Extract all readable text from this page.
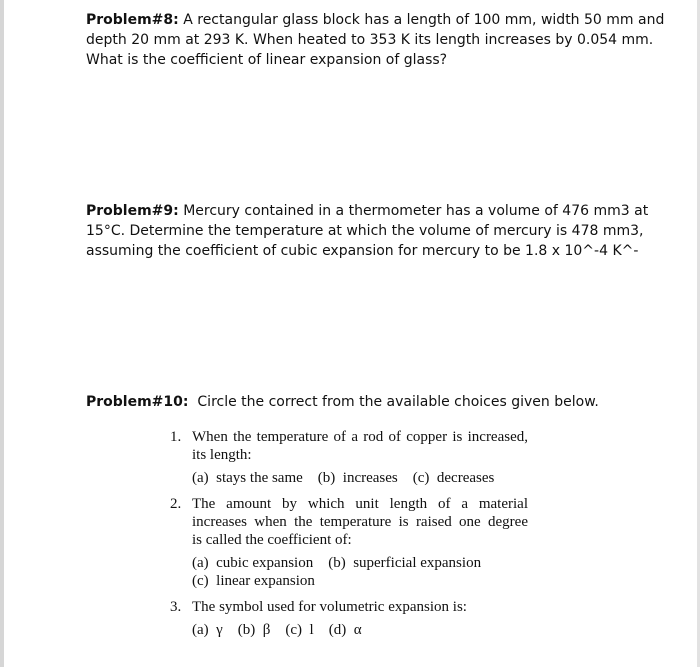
Problem#8: A rectangular glass block has a length of 100 mm, width 50 mm and
depth 20 mm at 293 K. When heated to 353 K its length increases by 0.054 mm.
What is the coefficient of linear expansion of glass?
Problem#9: Mercury contained in a thermometer has a volume of 476 mm3 at
15°C. Determine the temperature at which the volume of mercury is 478 mm3,
assuming the coefficient of cubic expansion for mercury to be 1.8 x 10^-4 K^-
Problem#10:  Circle the correct from the available choices given below.
1. When the temperature of a rod of copper is increased,
its length:
(a)  stays the same    (b)  increases    (c)  decreases
2. The amount by which unit length of a material
increases when the temperature is raised one degree
is called the coefficient of:
(a)  cubic expansion    (b)  superficial expansion
(c)  linear expansion
3. The symbol used for volumetric expansion is:
(a)  γ    (b)  β    (c)  l    (d)  α
